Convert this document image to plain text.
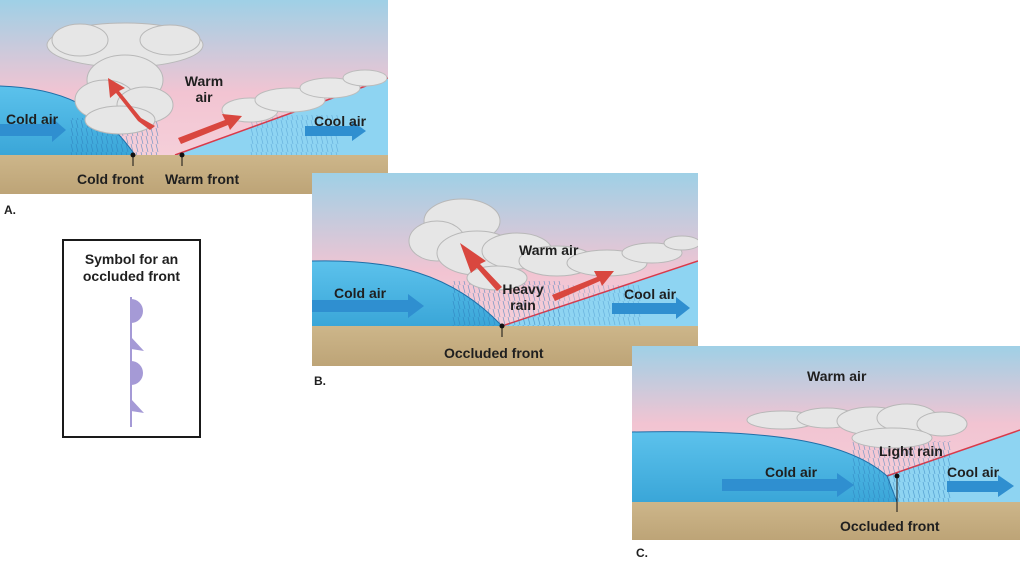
Cold air
Warm
air
Cool air
Cold front Warm front
A.
Symbol for an
occluded front
Warm air
Cold air	Cool air
Heavy
rain
Occluded front
B.	Warm air
Light rain
Cold air	Cool air
Occluded front
C.
